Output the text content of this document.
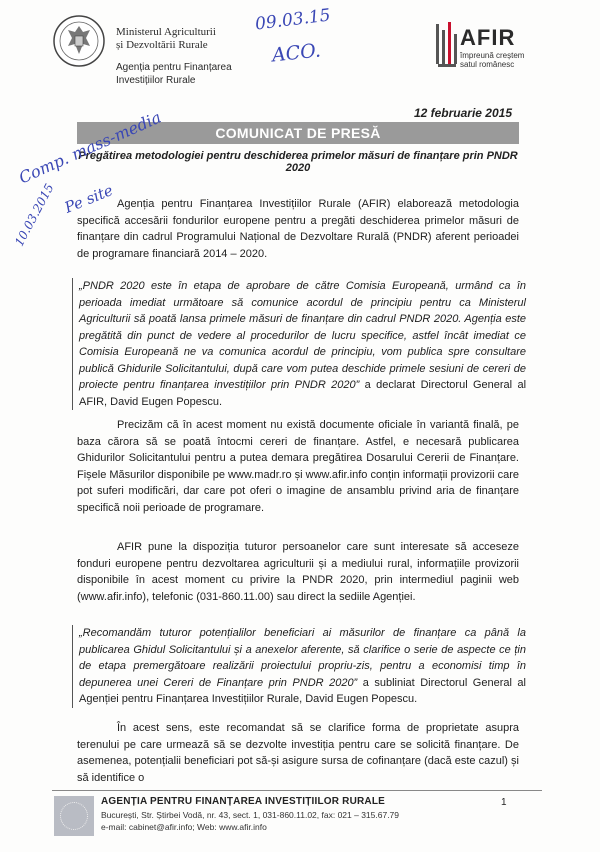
Ministerul Agriculturii
și Dezvoltării Rurale
Agenția pentru Finanțarea
Investițiilor Rurale
09.03.15
ACO.
AFIR
împreună creștem
satul românesc
12 februarie 2015
COMUNICAT DE PRESĂ
Pregătirea metodologiei pentru deschiderea primelor măsuri de finanțare prin PNDR 2020
Comp. mass-media
Pe site
10.03.2015	Agenția pentru Finanțarea Investițiilor Rurale (AFIR) elaborează metodologia specifică accesării fondurilor europene pentru a pregăti deschiderea primelor măsuri de finanțare din cadrul Programului Național de Dezvoltare Rurală (PNDR) aferent perioadei de programare financiară 2014 – 2020.
„PNDR 2020 este în etapa de aprobare de către Comisia Europeană, urmând ca în perioada imediat următoare să comunice acordul de principiu pentru ca Ministerul Agriculturii să poată lansa primele măsuri de finanțare din cadrul PNDR 2020. Agenția este pregătită din punct de vedere al procedurilor de lucru specifice, astfel încât imediat ce Comisia Europeană ne va comunica acordul de principiu, vom publica spre consultare publică Ghidurile Solicitantului, după care vom putea deschide primele sesiuni de cereri de proiecte pentru finanțarea investițiilor prin PNDR 2020” a declarat Directorul General al AFIR, David Eugen Popescu.
Precizăm că în acest moment nu există documente oficiale în variantă finală, pe baza cărora să se poată întocmi cereri de finanțare. Astfel, e necesară publicarea Ghidurilor Solicitantului pentru a putea demara pregătirea Dosarului Cererii de Finanțare. Fișele Măsurilor disponibile pe www.madr.ro și www.afir.info conțin informații provizorii care pot suferi modificări, dar care pot oferi o imagine de ansamblu privind aria de finanțare specifică noii perioade de programare.
AFIR pune la dispoziția tuturor persoanelor care sunt interesate să acceseze fonduri europene pentru dezvoltarea agriculturii și a mediului rural, informațiile provizorii disponibile în acest moment cu privire la PNDR 2020, prin intermediul paginii web (www.afir.info), telefonic (031-860.11.00) sau direct la sediile Agenției.
„Recomandăm tuturor potențialilor beneficiari ai măsurilor de finanțare ca până la publicarea Ghidul Solicitantului și a anexelor aferente, să clarifice o serie de aspecte ce țin de etapa premergătoare realizării proiectului propriu-zis, pentru a economisi timp în depunerea unei Cereri de Finanțare prin PNDR 2020” a subliniat Directorul General al Agenției pentru Finanțarea Investițiilor Rurale, David Eugen Popescu.
În acest sens, este recomandat să se clarifice forma de proprietate asupra terenului pe care urmează să se dezvolte investiția pentru care se solicită finanțare. De asemenea, potențialii beneficiari pot să-și asigure sursa de cofinanțare (dacă este cazul) și să identifice o
AGENȚIA PENTRU FINANȚAREA INVESTIȚIILOR RURALE
București, Str. Știrbei Vodă, nr. 43, sect. 1, 031-860.11.02, fax: 021 – 315.67.79
e-mail: cabinet@afir.info; Web: www.afir.info
1
